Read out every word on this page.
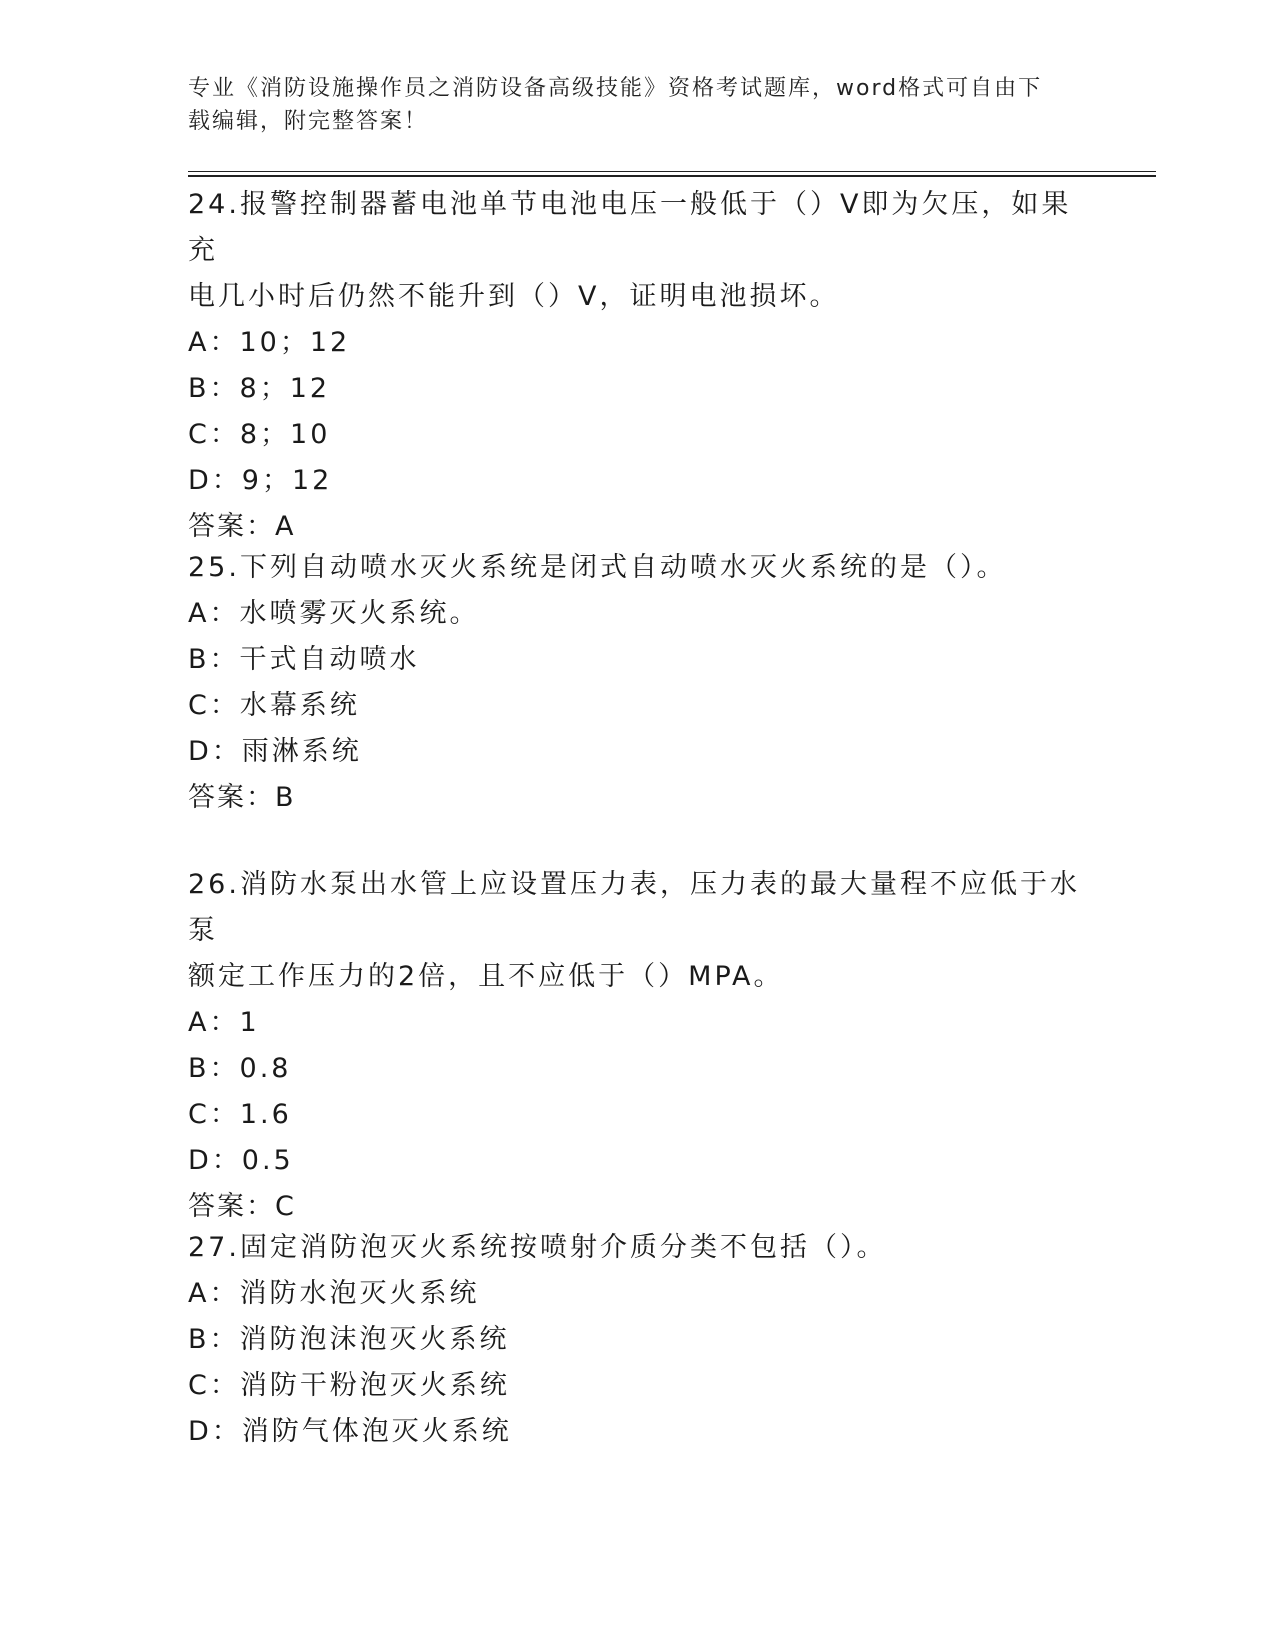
专业《消防设施操作员之消防设备高级技能》资格考试题库，word格式可自由下
载编辑，附完整答案！
24.报警控制器蓄电池单节电池电压一般低于（）V即为欠压，如果充
电几小时后仍然不能升到（）V，证明电池损坏。
A：10；12
B：8；12
C：8；10
D：9；12
答案：A
25.下列自动喷水灭火系统是闭式自动喷水灭火系统的是（）。
A：水喷雾灭火系统。
B：干式自动喷水
C：水幕系统
D：雨淋系统
答案：B
26.消防水泵出水管上应设置压力表，压力表的最大量程不应低于水泵
额定工作压力的2倍，且不应低于（）MPA。
A：1
B：0.8
C：1.6
D：0.5
答案：C
27.固定消防泡灭火系统按喷射介质分类不包括（）。
A：消防水泡灭火系统
B：消防泡沫泡灭火系统
C：消防干粉泡灭火系统
D：消防气体泡灭火系统
